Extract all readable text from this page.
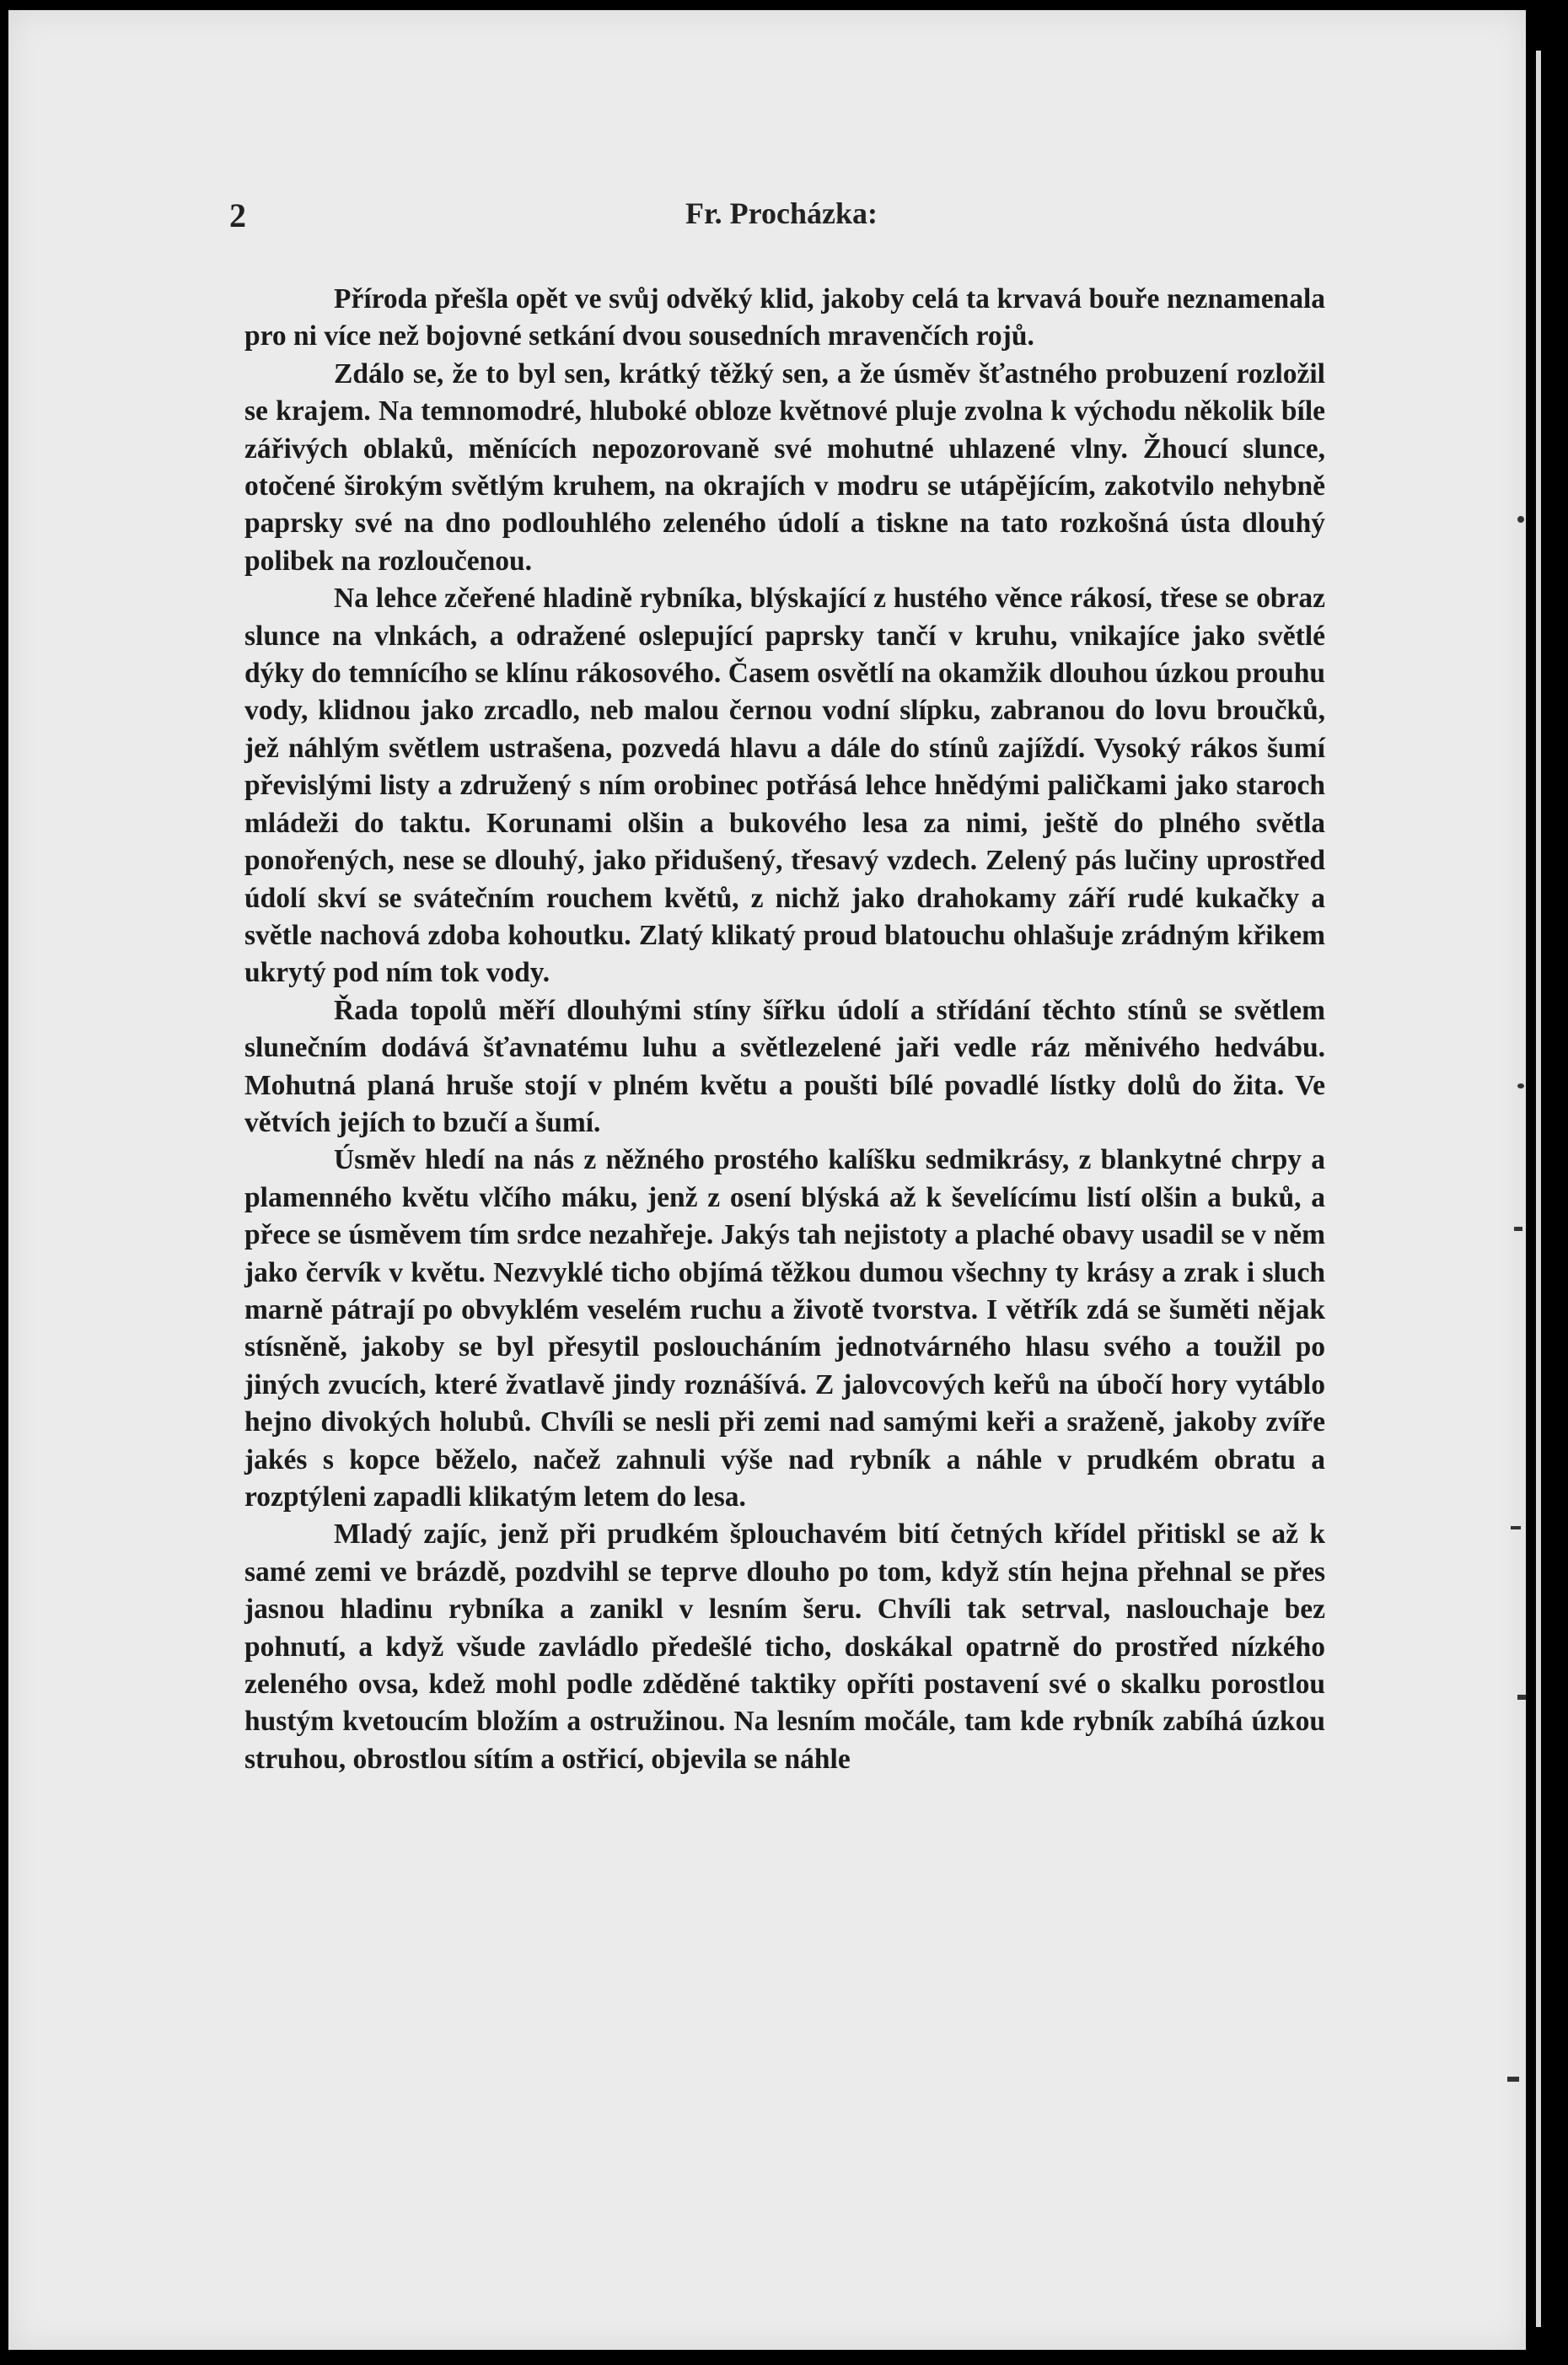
2	Fr. Procházka:

Příroda přešla opět ve svůj odvěký klid, jakoby celá ta krvavá bouře neznamenala pro ni více než bojovné setkání dvou sousedních mravenčích rojů.

Zdálo se, že to byl sen, krátký těžký sen, a že úsměv šťastného probuzení rozložil se krajem. Na temnomodré, hluboké obloze květnové pluje zvolna k východu několik bíle zářivých oblaků, měnících nepozorovaně své mohutné uhlazené vlny. Žhoucí slunce, otočené širokým světlým kruhem, na okrajích v modru se utápějícím, zakotvilo nehybně paprsky své na dno podlouhlého zeleného údolí a tiskne na tato rozkošná ústa dlouhý polibek na rozloučenou.

Na lehce zčeřené hladině rybníka, blýskající z hustého věnce rákosí, třese se obraz slunce na vlnkách, a odražené oslepující paprsky tančí v kruhu, vnikajíce jako světlé dýky do temnícího se klínu rákosového. Časem osvětlí na okamžik dlouhou úzkou prouhu vody, klidnou jako zrcadlo, neb malou černou vodní slípku, zabranou do lovu broučků, jež náhlým světlem ustrašena, pozvedá hlavu a dále do stínů zajíždí. Vysoký rákos šumí převislými listy a združený s ním orobinec potřásá lehce hnědými paličkami jako staroch mládeži do taktu. Korunami olšin a bukového lesa za nimi, ještě do plného světla ponořených, nese se dlouhý, jako přidušený, třesavý vzdech. Zelený pás lučiny uprostřed údolí skví se svátečním rouchem květů, z nichž jako drahokamy září rudé kukačky a světle nachová zdoba kohoutku. Zlatý klikatý proud blatouchu ohlašuje zrádným křikem ukrytý pod ním tok vody.

Řada topolů měří dlouhými stíny šířku údolí a střídání těchto stínů se světlem slunečním dodává šťavnatému luhu a světlezelené jaři vedle ráz měnivého hedvábu. Mohutná planá hruše stojí v plném květu a poušti bílé povadlé lístky dolů do žita. Ve větvích jejích to bzučí a šumí.

Úsměv hledí na nás z něžného prostého kalíšku sedmikrásy, z blankytné chrpy a plamenného květu vlčího máku, jenž z osení blýská až k ševelícímu listí olšin a buků, a přece se úsměvem tím srdce nezahřeje. Jakýs tah nejistoty a plaché obavy usadil se v něm jako červík v květu. Nezvyklé ticho objímá těžkou dumou všechny ty krásy a zrak i sluch marně pátrají po obvyklém veselém ruchu a životě tvorstva. I větřík zdá se šuměti nějak stísněně, jakoby se byl přesytil posloucháním jednotvárného hlasu svého a toužil po jiných zvucích, které žvatlavě jindy roznášívá. Z jalovcových keřů na úbočí hory vytáblo hejno divokých holubů. Chvíli se nesli při zemi nad samými keři a sraženě, jakoby zvíře jakés s kopce běželo, načež zahnuli výše nad rybník a náhle v prudkém obratu a rozptýleni zapadli klikatým letem do lesa.

Mladý zajíc, jenž při prudkém šplouchavém bití četných křídel přitiskl se až k samé zemi ve brázdě, pozdvihl se teprve dlouho po tom, když stín hejna přehnal se přes jasnou hladinu rybníka a zanikl v lesním šeru. Chvíli tak setrval, naslouchaje bez pohnutí, a když všude zavládlo předešlé ticho, doskákal opatrně do prostřed nízkého zeleného ovsa, kdež mohl podle zděděné taktiky opříti postavení své o skalku porostlou hustým kvetoucím bložím a ostružinou. Na lesním močále, tam kde rybník zabíhá úzkou struhou, obrostlou sítím a ostřicí, objevila se náhle
